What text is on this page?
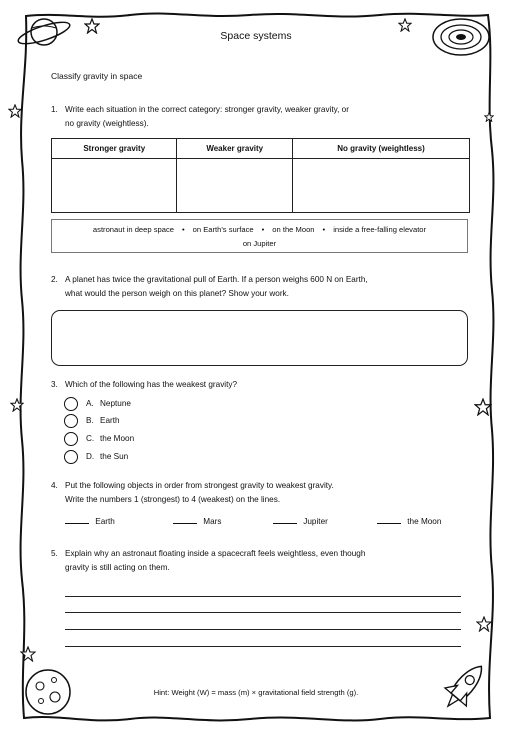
Space systems
Classify gravity in space
1. Write each situation in the correct category: stronger gravity, weaker gravity, or
no gravity (weightless).
Stronger gravity	Weaker gravity	No gravity (weightless)

astronaut in deep space • on Earth's surface • on the Moon • inside a free-falling elevator
on Jupiter
2. A planet has twice the gravitational pull of Earth. If a person weighs 600 N on Earth,
what would the person weigh on this planet? Show your work.
3. Which of the following has the weakest gravity?
A. Neptune
B. Earth
C. the Moon
D. the Sun
4. Put the following objects in order from strongest gravity to weakest gravity.
Write the numbers 1 (strongest) to 4 (weakest) on the lines.
Earth	Mars	Jupiter	the Moon
5. Explain why an astronaut floating inside a spacecraft feels weightless, even though
gravity is still acting on them.
Hint: Weight (W) = mass (m) × gravitational field strength (g).
